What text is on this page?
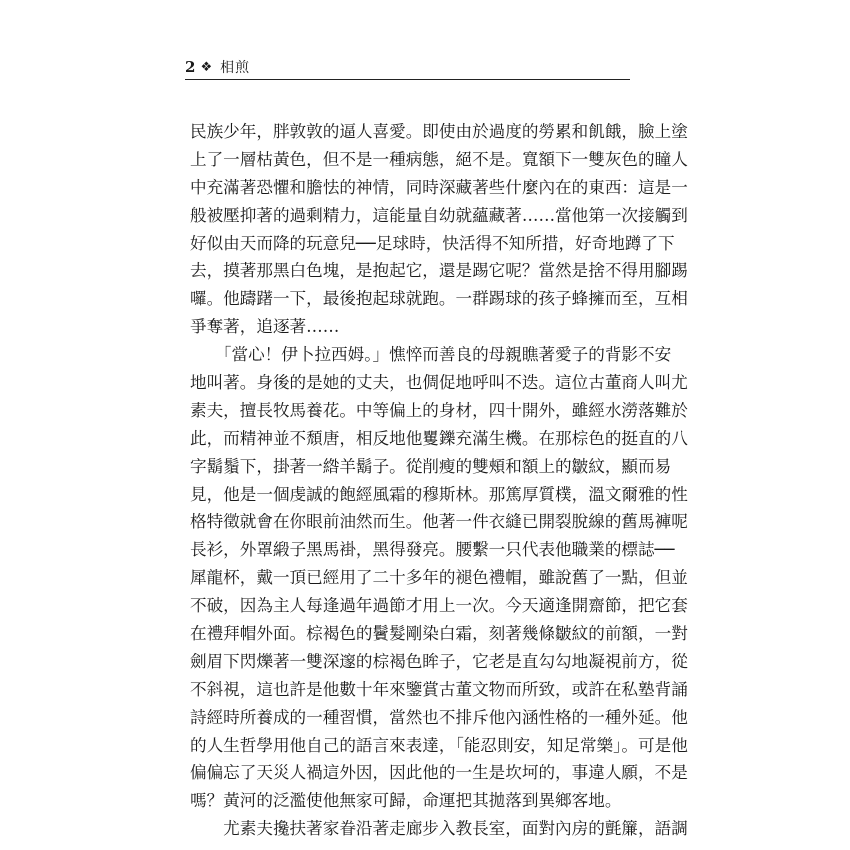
2 ❖ 相煎
民族少年，胖敦敦的逼人喜愛。即使由於過度的勞累和飢餓，臉上塗
上了一層枯黃色，但不是一種病態，絕不是。寬額下一雙灰色的瞳人
中充滿著恐懼和膽怯的神情，同時深藏著些什麼內在的東西：這是一
般被壓抑著的過剩精力，這能量自幼就蘊藏著……當他第一次接觸到
好似由天而降的玩意兒──足球時，快活得不知所措，好奇地蹲了下
去，摸著那黑白色塊，是抱起它，還是踢它呢？當然是捨不得用腳踢
囉。他躊躇一下，最後抱起球就跑。一群踢球的孩子蜂擁而至，互相
爭奪著，追逐著……
　　「當心！伊卜拉西姆。」憔悴而善良的母親瞧著愛子的背影不安
地叫著。身後的是她的丈夫，也倜促地呼叫不迭。這位古董商人叫尤
素夫，擅長牧馬養花。中等偏上的身材，四十開外，雖經水澇落難於
此，而精神並不頹唐，相反地他矍鑠充滿生機。在那棕色的挺直的八
字鬍鬚下，掛著一綹羊鬍子。從削瘦的雙頰和額上的皺紋，顯而易
見，他是一個虔誠的飽經風霜的穆斯林。那篤厚質樸，溫文爾雅的性
格特徵就會在你眼前油然而生。他著一件衣縫已開裂脫線的舊馬褲呢
長衫，外罩緞子黑馬褂，黑得發亮。腰繫一只代表他職業的標誌──
犀龍杯，戴一頂已經用了二十多年的褪色禮帽，雖說舊了一點，但並
不破，因為主人每逢過年過節才用上一次。今天適逢開齋節，把它套
在禮拜帽外面。棕褐色的鬢髮剛染白霜，刻著幾條皺紋的前額，一對
劍眉下閃爍著一雙深邃的棕褐色眸子，它老是直勾勾地凝視前方，從
不斜視，這也許是他數十年來鑒賞古董文物而所致，或許在私塾背誦
詩經時所養成的一種習慣，當然也不排斥他內涵性格的一種外延。他
的人生哲學用他自己的語言來表達，「能忍則安，知足常樂」。可是他
偏偏忘了天災人禍這外因，因此他的一生是坎坷的，事違人願，不是
嗎？黃河的泛濫使他無家可歸，命運把其拋落到異鄉客地。
　　尤素夫攙扶著家眷沿著走廊步入教長室，面對內房的氈簾，語調
